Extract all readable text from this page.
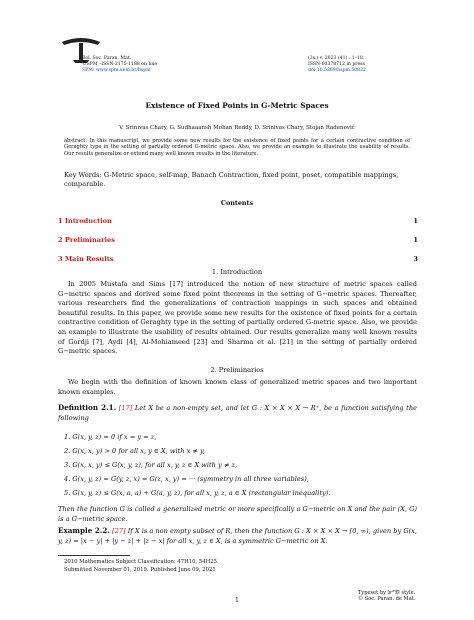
Bol. Soc. Paran. Mat.
©SPM –ISSN-2175-1188 on line
SPM: www.spm.uem.br/bspm
(3s.) v. 2023 (41) : 1–18.
ISSN-00378712 in press
doi:10.5269/bspm.50822
Existence of Fixed Points in G-Metric Spaces
V. Srinivas Chary, G. Sudhaaansh Mohan Reddy, D. Srinivas Chary, Stojan Radenović
abstract: In this manuscript, we provide some new results for the existence of fixed points for a certain contractive condition of Geraghty type in the setting of partially ordered G-metric space. Also, we provide an example to illustrate the usability of results. Our results generalize or extend many well known results in the literature.
Key Words: G-Metric space, self-map, Banach Contraction, fixed point, poset, compatible mappings, comparable.
Contents
1 Introduction	1
2 Preliminaries	1
3 Main Results	3
1. Introduction
In 2005 Mustafa and Sims [17] introduced the notion of new structure of metric spaces called G−metric spaces and derived some fixed point theorems in the setting of G−metric spaces. Thereafter, various researchers find the generalizations of contraction mappings in such spaces and obtained beautiful results. In this paper, we provide some new results for the existence of fixed points for a certain contractive condition of Geraghty type in the setting of partially ordered G-metric space. Also, we provide an example to illustrate the usability of results obtained. Our results generalize many well known results of Gordji [7], Aydi [4], Al-Mohiameed [23] and Sharma et al. [21] in the setting of partially ordered G−metric spaces.
2. Preliminaries
We begin with the definition of known known class of generalized metric spaces and two important known examples.
Definition 2.1. [17] Let X be a non-empty set, and let G : X × X × X → R⁺, be a function satisfying the following
1. G(x, y, z) = 0 if x = y = z,
2. G(x, x, y) > 0 for all x, y ∈ X, with x ≠ y,
3. G(x, x, y) ≤ G(x, y, z), for all x, y, z ∈ X with y ≠ z,
4. G(x, y, z) = G(y, z, x) = G(z, x, y) = ··· (symmetry in all three variables),
5. G(x, y, z) ≤ G(x, a, a) + G(a, y, z), for all x, y, z, a ∈ X (rectangular inequality).
Then the function G is called a generalized metric or more specifically a G−metric on X and the pair (X, G) is a G−metric space.
Example 2.2. [27] If X is a non empty subset of R, then the function G : X × X × X → [0, ∞), given by G(x, y, z) = |x − y| + |y − z| + |z − x| for all x, y, z ∈ X, is a symmetric G−metric on X.
2010 Mathematics Subject Classification: 47H10, 54H25.
Submitted November 01, 2019. Published June 09, 2021
Typeset by 𝔅ˢᴾ𝔐 style.
© Soc. Paran. de Mat.
1
